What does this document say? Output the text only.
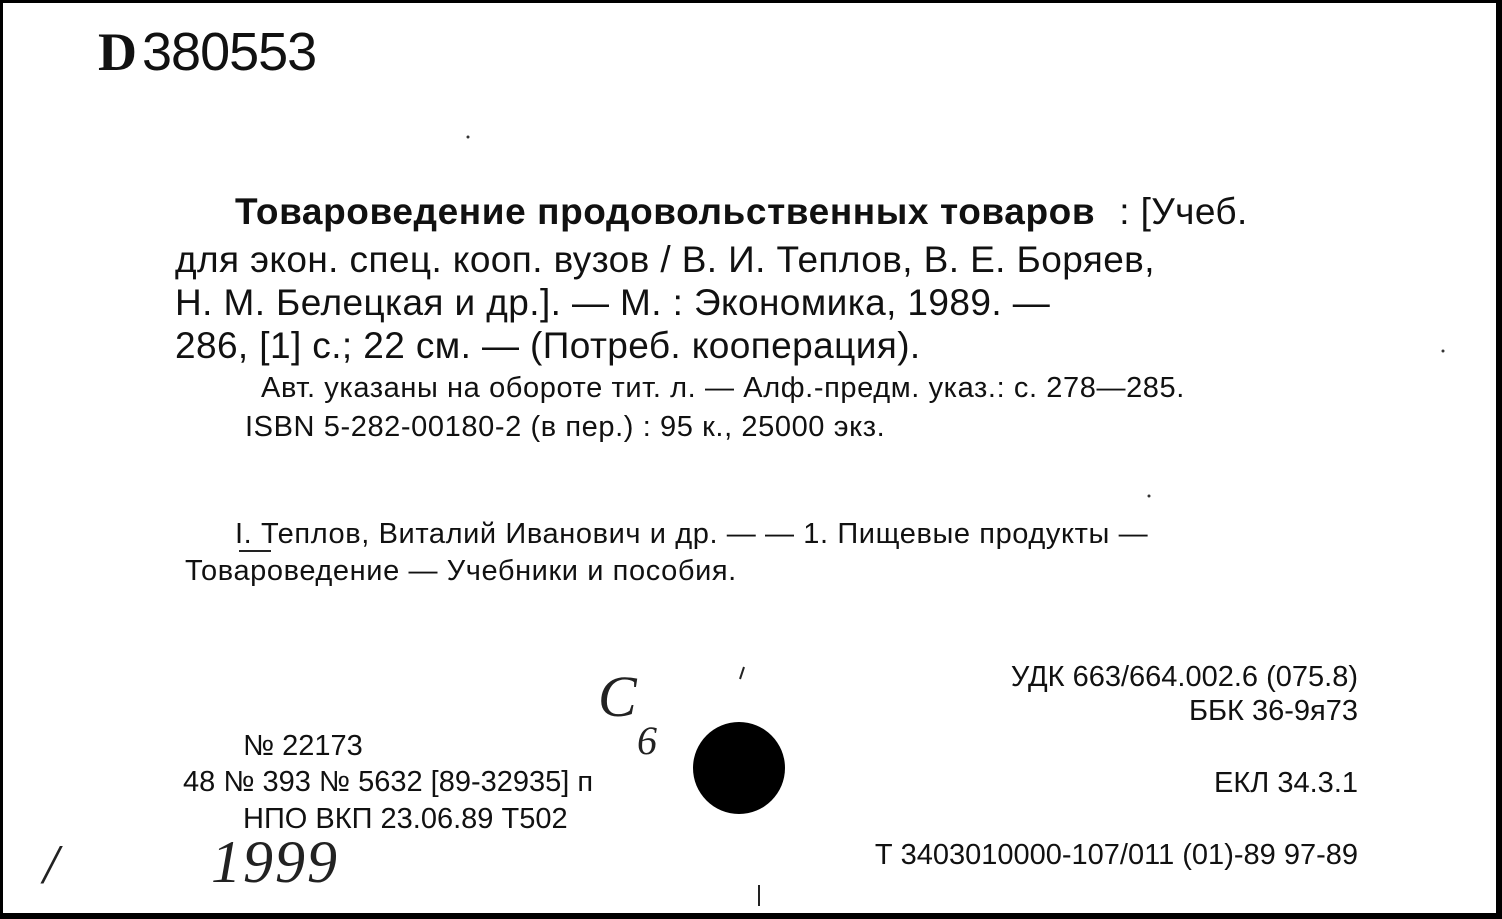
D 380553
Товароведение продовольственных товаров : [Учеб.
для экон. спец. кооп. вузов / В. И. Теплов, В. Е. Боряев,
Н. М. Белецкая и др.]. — М. : Экономика, 1989. —
286, [1] с.; 22 см. — (Потреб. кооперация).
Авт. указаны на обороте тит. л. — Алф.-предм. указ.: с. 278—285.
ISBN 5-282-00180-2 (в пер.) : 95 к., 25000 экз.
I. Теплов, Виталий Иванович и др. — — 1. Пищевые продукты —
Товароведение — Учебники и пособия.
УДК 663/664.002.6 (075.8)
ББК 36-9я73
ЕКЛ 34.3.1
Т 3403010000-107/011 (01)-89 97-89
№ 22173
48 № 393 № 5632 [89-32935] п
НПО ВКП 23.06.89 Т502
С
6
1999
/
